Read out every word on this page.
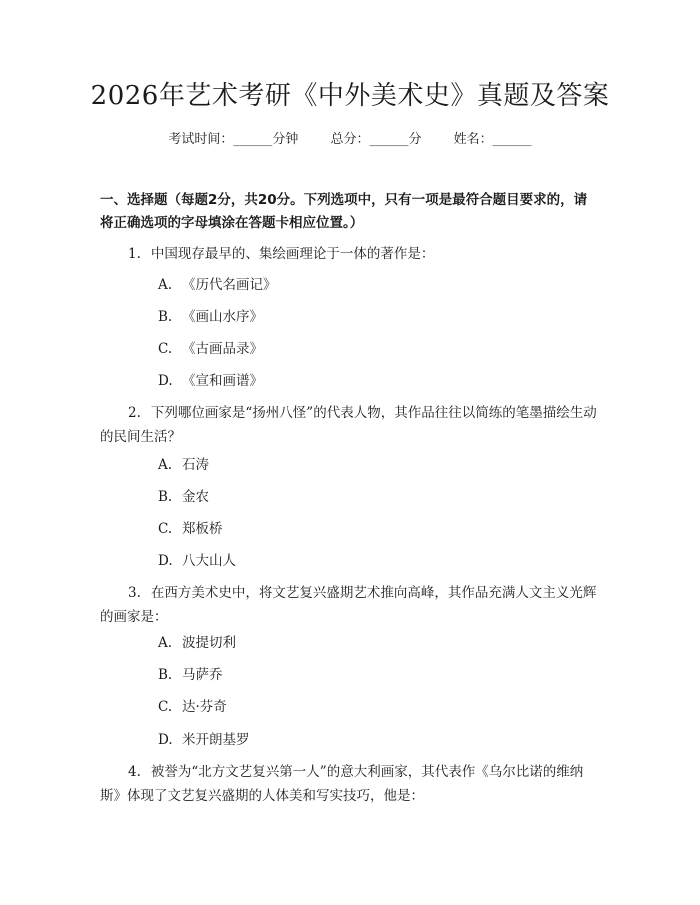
2026年艺术考研《中外美术史》真题及答案
考试时间：______分钟 总分：______分 姓名：______
一、选择题（每题2分，共20分。下列选项中，只有一项是最符合题目要求的，请将正确选项的字母填涂在答题卡相应位置。）
1. 中国现存最早的、集绘画理论于一体的著作是：
A. 《历代名画记》
B. 《画山水序》
C. 《古画品录》
D. 《宣和画谱》
2. 下列哪位画家是“扬州八怪”的代表人物，其作品往往以简练的笔墨描绘生动的民间生活？
A. 石涛
B. 金农
C. 郑板桥
D. 八大山人
3. 在西方美术史中，将文艺复兴盛期艺术推向高峰，其作品充满人文主义光辉的画家是：
A. 波提切利
B. 马萨乔
C. 达·芬奇
D. 米开朗基罗
4. 被誉为“北方文艺复兴第一人”的意大利画家，其代表作《乌尔比诺的维纳斯》体现了文艺复兴盛期的人体美和写实技巧，他是：
